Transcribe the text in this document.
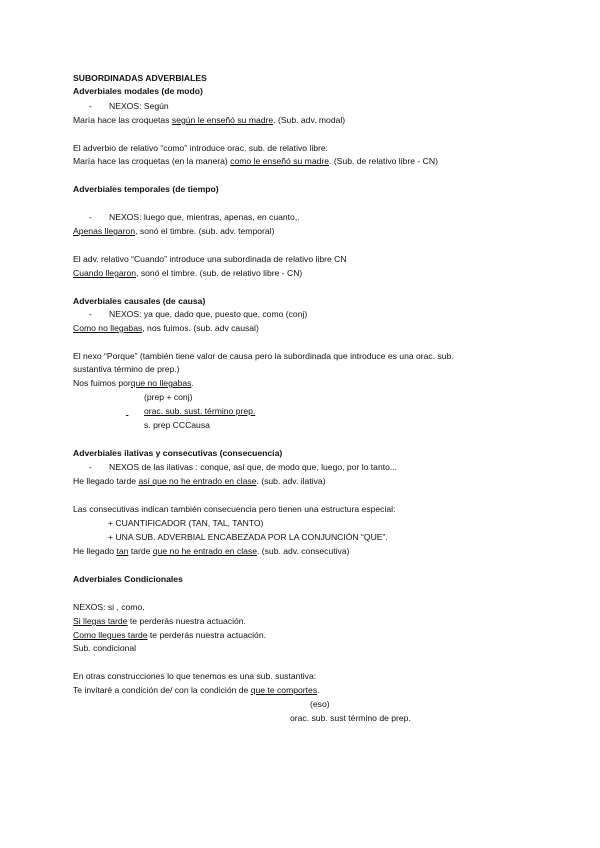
SUBORDINADAS ADVERBIALES
Adverbiales modales (de modo)
- NEXOS: Según
María hace las croquetas según le enseñó su madre. (Sub. adv. modal)
El adverbio de relativo “como” introduce orac. sub. de relativo libre:
María hace las croquetas (en la manera) como le enseñó su madre. (Sub. de relativo libre - CN)
Adverbiales temporales (de tiempo)
- NEXOS: luego que, mientras, apenas, en cuanto,.
Apenas llegaron, sonó el timbre. (sub. adv. temporal)
El adv. relativo “Cuando” introduce una subordinada de relativo libre CN
Cuando llegaron, sonó el timbre. (sub. de relativo libre - CN)
Adverbiales causales (de causa)
- NEXOS: ya que, dado que, puesto que, como (conj)
Como no llegabas, nos fuimos. (sub. adv causal)
El nexo “Porque” (también tiene valor de causa pero la subordinada que introduce es una orac. sub.
sustantiva término de prep.)
Nos fuimos porque no llegabas.
(prep + conj)
orac. sub. sust. término prep.
s. prep CCCausa
Adverbiales ilativas y consecutivas (consecuencia)
- NEXOS de las ilativas : conque, así que, de modo que, luego, por lo tanto...
He llegado tarde así que no he entrado en clase. (sub. adv. ilativa)
Las consecutivas indican también consecuencia pero tienen una estructura especial:
+ CUANTIFICADOR (TAN, TAL, TANTO)
+ UNA SUB. ADVERBIAL ENCABEZADA POR LA CONJUNCIÓN “QUE”.
He llegado tan tarde que no he entrado en clase. (sub. adv. consecutiva)
Adverbiales Condicionales
NEXOS: si , como,
Si llegas tarde te perderás nuestra actuación.
Como llegues tarde te perderás nuestra actuación.
Sub. condicional
En otras construcciones lo que tenemos es una sub. sustantiva:
Te invitaré a condición de/ con la condición de que te comportes.
(eso)
orac. sub. sust término de prep.
